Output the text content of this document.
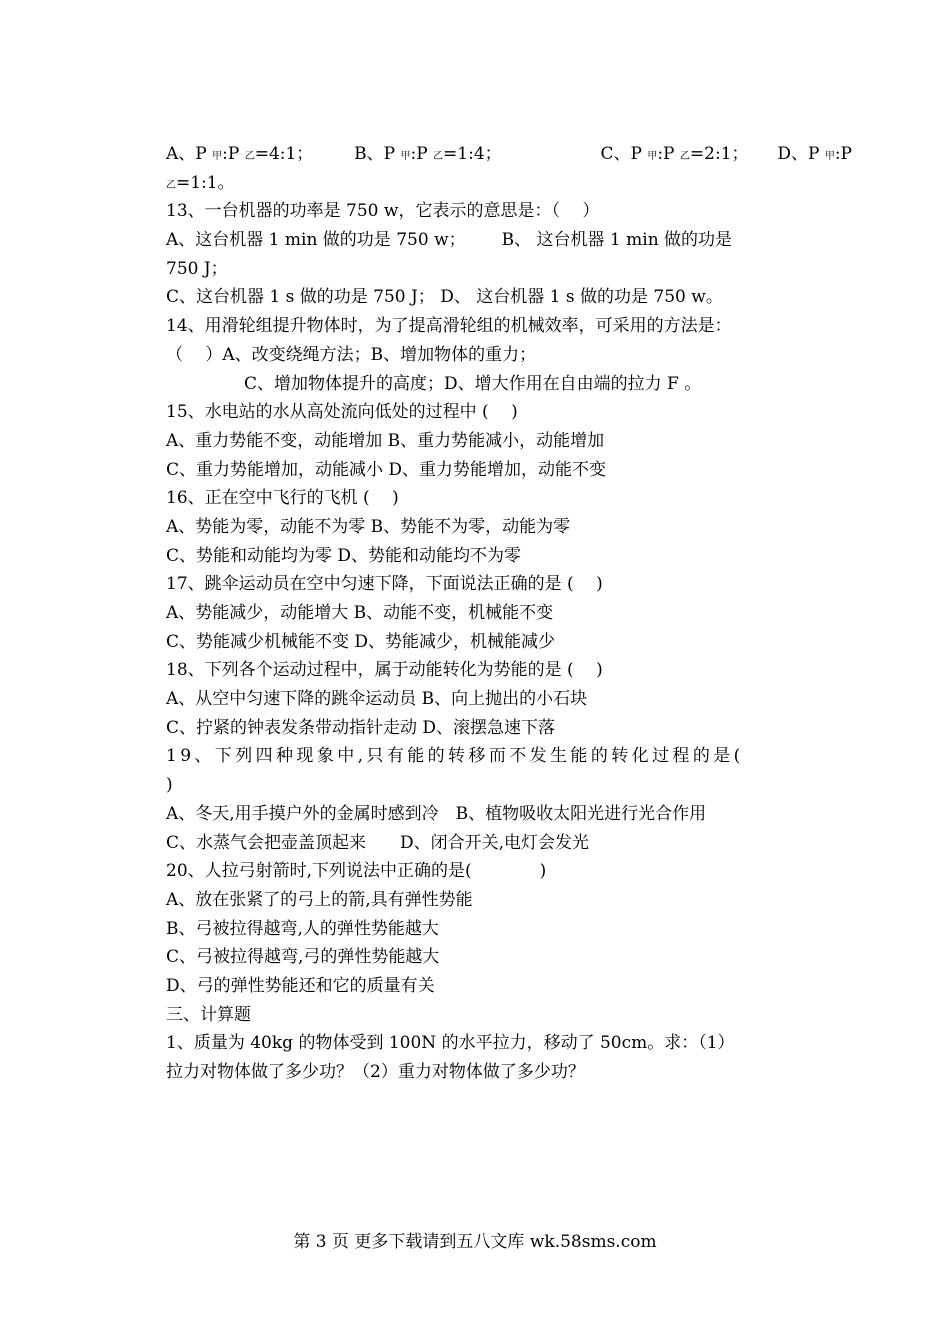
A、P 甲:P 乙=4:1； B、P 甲:P 乙=1:4；	C、P 甲:P 乙=2:1； D、P 甲:P
乙=1:1。
13、一台机器的功率是 750 w，它表示的意思是：（　 ）
A、这台机器 1 min 做的功是 750 w； B、 这台机器 1 min 做的功是
750 J；
C、这台机器 1 s 做的功是 750 J； D、 这台机器 1 s 做的功是 750 w。
14、用滑轮组提升物体时，为了提高滑轮组的机械效率，可采用的方法是：
（　 ）A、改变绕绳方法；B、增加物体的重力；
C、增加物体提升的高度；D、增大作用在自由端的拉力 F 。
15、水电站的水从高处流向低处的过程中 (　 )
A、重力势能不变，动能增加 B、重力势能减小，动能增加
C、重力势能增加，动能减小 D、重力势能增加，动能不变
16、正在空中飞行的飞机 (　 )
A、势能为零，动能不为零 B、势能不为零，动能为零
C、势能和动能均为零 D、势能和动能均不为零
17、跳伞运动员在空中匀速下降，下面说法正确的是 (　 )
A、势能减少，动能增大 B、动能不变，机械能不变
C、势能减少机械能不变 D、势能减少，机械能减少
18、下列各个运动过程中，属于动能转化为势能的是 (　 )
A、从空中匀速下降的跳伞运动员 B、向上抛出的小石块
C、拧紧的钟表发条带动指针走动 D、滚摆急速下落
19、下列四种现象中,只有能的转移而不发生能的转化过程的是(
)
A、冬天,用手摸户外的金属时感到冷　B、植物吸收太阳光进行光合作用
C、水蒸气会把壶盖顶起来　　D、闭合开关,电灯会发光
20、人拉弓射箭时,下列说法中正确的是(　　　　)
A、放在张紧了的弓上的箭,具有弹性势能
B、弓被拉得越弯,人的弹性势能越大
C、弓被拉得越弯,弓的弹性势能越大
D、弓的弹性势能还和它的质量有关
三、计算题
1、质量为 40kg 的物体受到 100N 的水平拉力，移动了 50cm。求：（1）
拉力对物体做了多少功？（2）重力对物体做了多少功？
第 3 页 更多下载请到五八文库 wk.58sms.com
